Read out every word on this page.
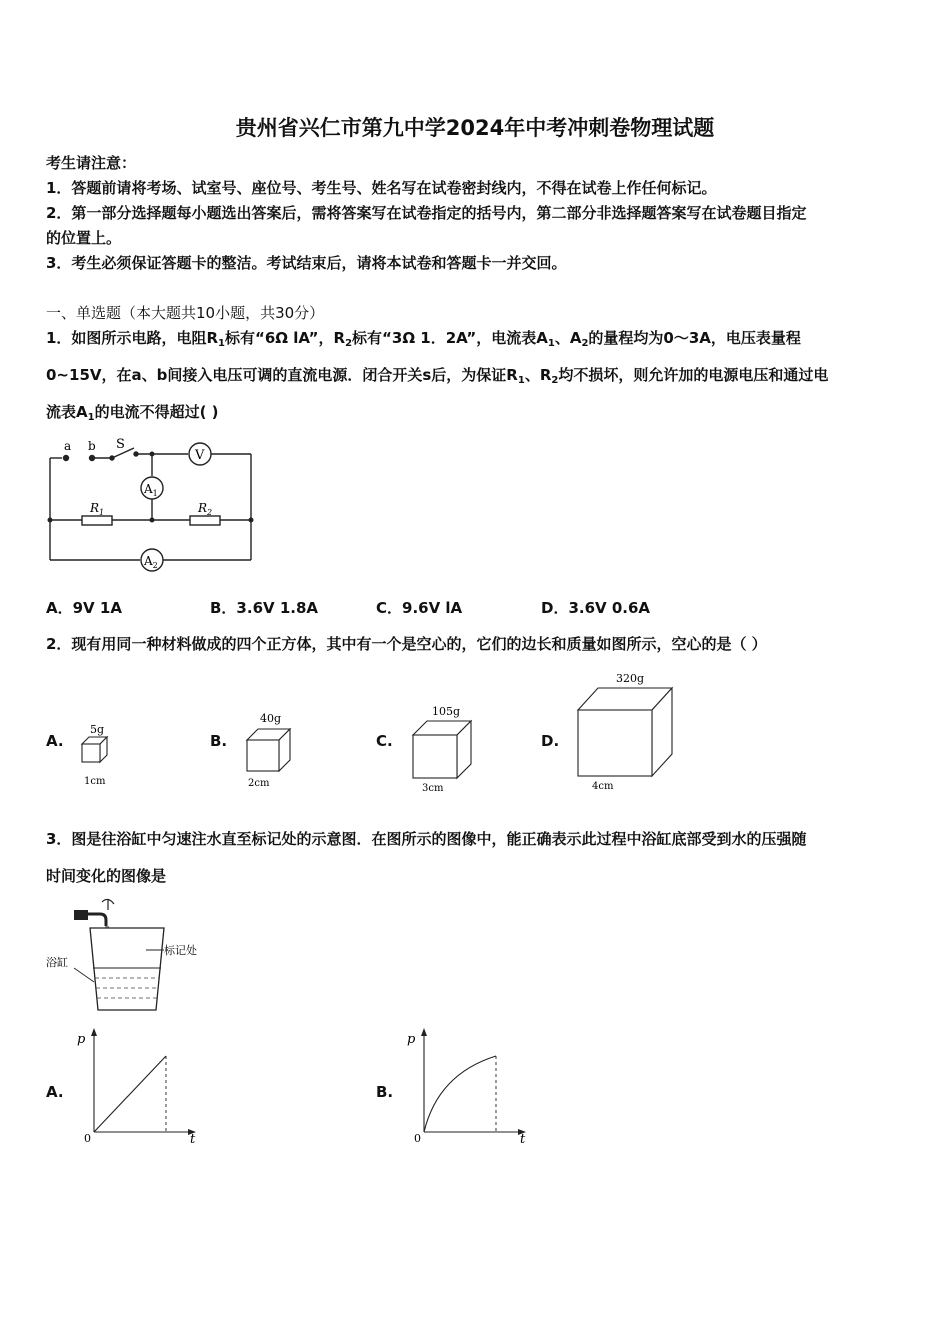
贵州省兴仁市第九中学2024年中考冲刺卷物理试题
考生请注意：
1．答题前请将考场、试室号、座位号、考生号、姓名写在试卷密封线内，不得在试卷上作任何标记。
2．第一部分选择题每小题选出答案后，需将答案写在试卷指定的括号内，第二部分非选择题答案写在试卷题目指定
的位置上。
3．考生必须保证答题卡的整洁。考试结束后，请将本试卷和答题卡一并交回。
一、单选题（本大题共10小题，共30分）
1．如图所示电路，电阻$R_1$标有“6Ω lA”，$R_2$标有“3Ω 1．2A”，电流表$A_1$、$A_2$的量程均为0～3A，电压表量程
0~15V，在a、b间接入电压可调的直流电源．闭合开关s后，为保证$R_1$、$R_2$均不损坏，则允许加的电源电压和通过电
流表$A_1$的电流不得超过( )
a b S
V
$A_1$
$A_2$
$R_1$	$R_2$
A．9V 1A	B．3.6V 1.8A	C．9.6V lA	D．3.6V 0.6A
2．现有用同一种材料做成的四个正方体，其中有一个是空心的，它们的边长和质量如图所示，空心的是（ ）
A.
5g
1cm
B.
40g
2cm
C.
105g
3cm
D.
320g
4cm
3．图是往浴缸中匀速注水直至标记处的示意图．在图所示的图像中，能正确表示此过程中浴缸底部受到水的压强随
时间变化的图像是
标记处
浴缸
A.
p
0	t
B.
p
0	t
